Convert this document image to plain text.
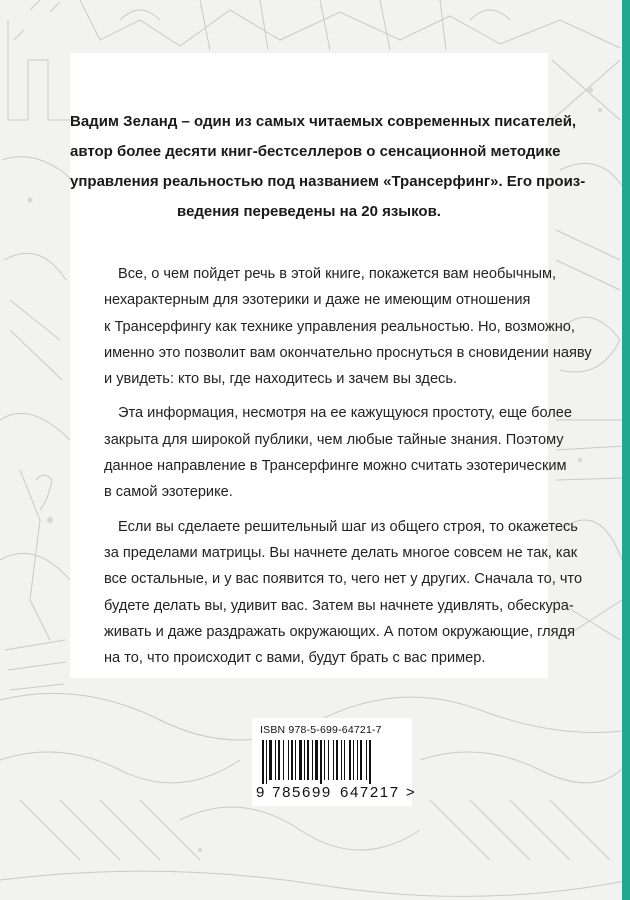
Вадим Зеланд – один из самых читаемых современных писателей,
автор более десяти книг-бестселлеров о сенсационной методике
управления реальностью под названием «Трансерфинг». Его произ-
ведения переведены на 20 языков.

Все, о чем пойдет речь в этой книге, покажется вам необычным,
нехарактерным для эзотерики и даже не имеющим отношения
к Трансерфингу как технике управления реальностью. Но, возможно,
именно это позволит вам окончательно проснуться в сновидении наяву
и увидеть: кто вы, где находитесь и зачем вы здесь.

Эта информация, несмотря на ее кажущуюся простоту, еще более
закрыта для широкой публики, чем любые тайные знания. Поэтому
данное направление в Трансерфинге можно считать эзотерическим
в самой эзотерике.

Если вы сделаете решительный шаг из общего строя, то окажетесь
за пределами матрицы. Вы начнете делать многое совсем не так, как
все остальные, и у вас появится то, чего нет у других. Сначала то, что
будете делать вы, удивит вас. Затем вы начнете удивлять, обескура-
живать и даже раздражать окружающих. А потом окружающие, глядя
на то, что происходит с вами, будут брать с вас пример.

ISBN 978-5-699-64721-7
9 785699 647217 >
